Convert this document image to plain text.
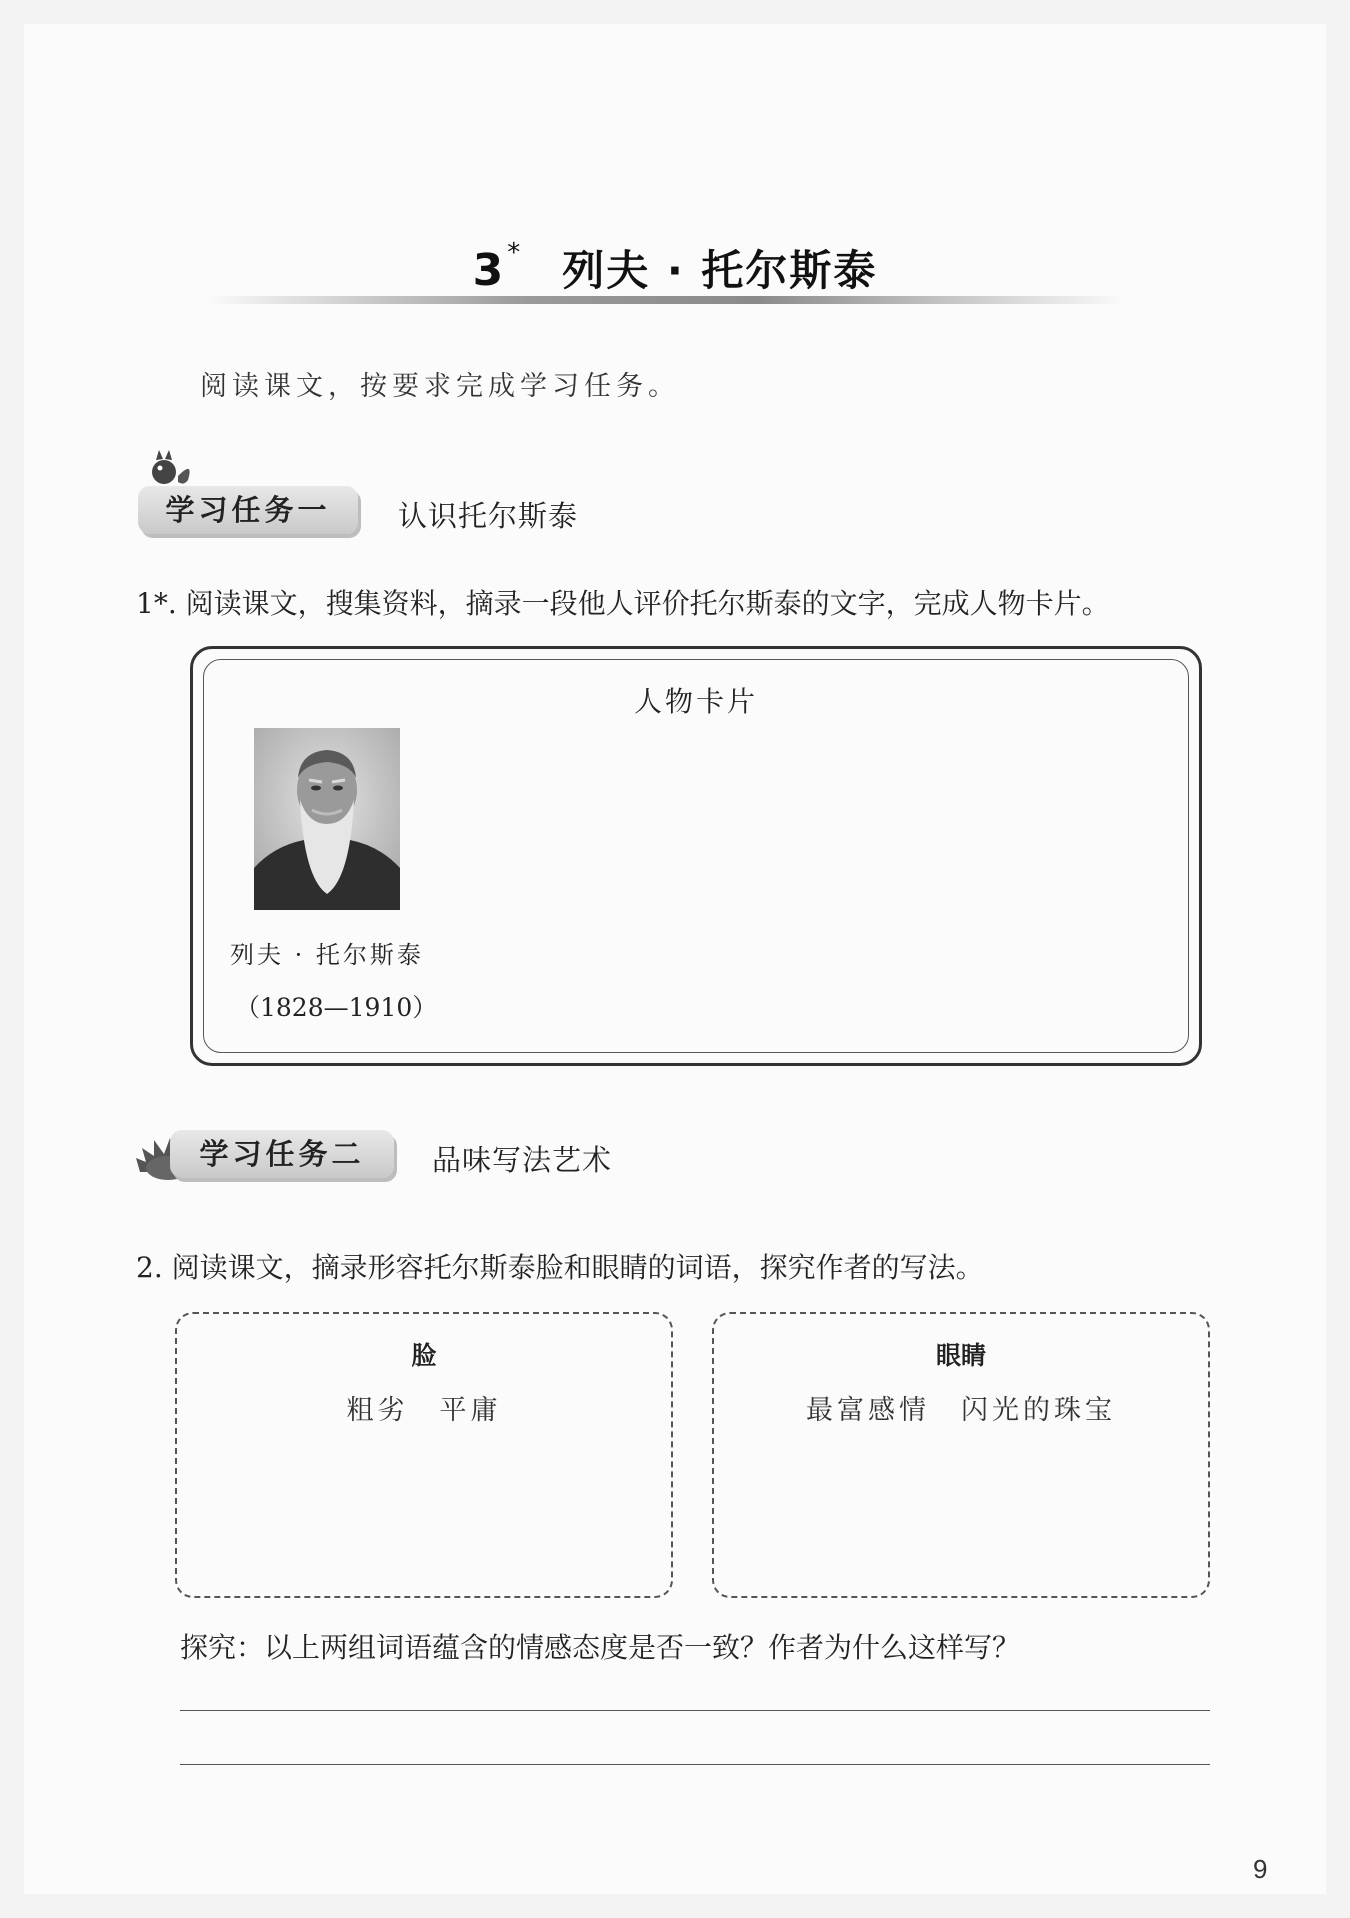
3* 列夫 · 托尔斯泰
阅读课文，按要求完成学习任务。
学习任务一	认识托尔斯泰
1*. 阅读课文，搜集资料，摘录一段他人评价托尔斯泰的文字，完成人物卡片。
人物卡片
列夫 · 托尔斯泰
（1828—1910）
学习任务二	品味写法艺术
2. 阅读课文，摘录形容托尔斯泰脸和眼睛的词语，探究作者的写法。
脸
粗劣　平庸
眼睛
最富感情　闪光的珠宝
探究：以上两组词语蕴含的情感态度是否一致？作者为什么这样写？
9
